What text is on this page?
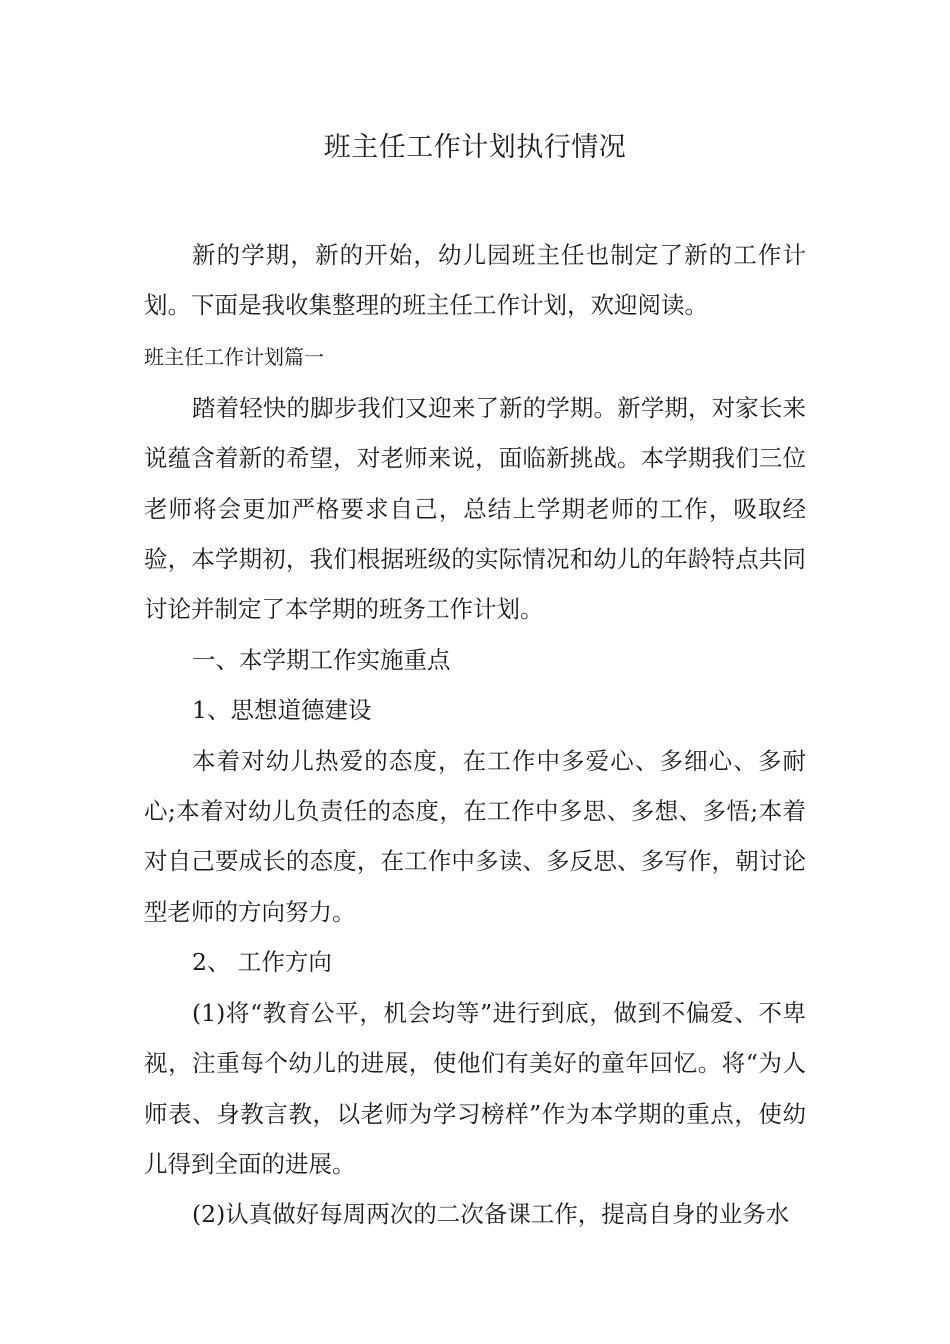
班主任工作计划执行情况

新的学期，新的开始，幼儿园班主任也制定了新的工作计划。下面是我收集整理的班主任工作计划，欢迎阅读。

班主任工作计划篇一

踏着轻快的脚步我们又迎来了新的学期。新学期，对家长来说蕴含着新的希望，对老师来说，面临新挑战。本学期我们三位老师将会更加严格要求自己，总结上学期老师的工作，吸取经验，本学期初，我们根据班级的实际情况和幼儿的年龄特点共同讨论并制定了本学期的班务工作计划。

一、本学期工作实施重点

1、思想道德建设

本着对幼儿热爱的态度，在工作中多爱心、多细心、多耐心;本着对幼儿负责任的态度，在工作中多思、多想、多悟;本着对自己要成长的态度，在工作中多读、多反思、多写作，朝讨论型老师的方向努力。

2、 工作方向

(1)将“教育公平，机会均等”进行到底，做到不偏爱、不卑视，注重每个幼儿的进展，使他们有美好的童年回忆。将“为人师表、身教言教，以老师为学习榜样”作为本学期的重点，使幼儿得到全面的进展。

(2)认真做好每周两次的二次备课工作，提高自身的业务水
